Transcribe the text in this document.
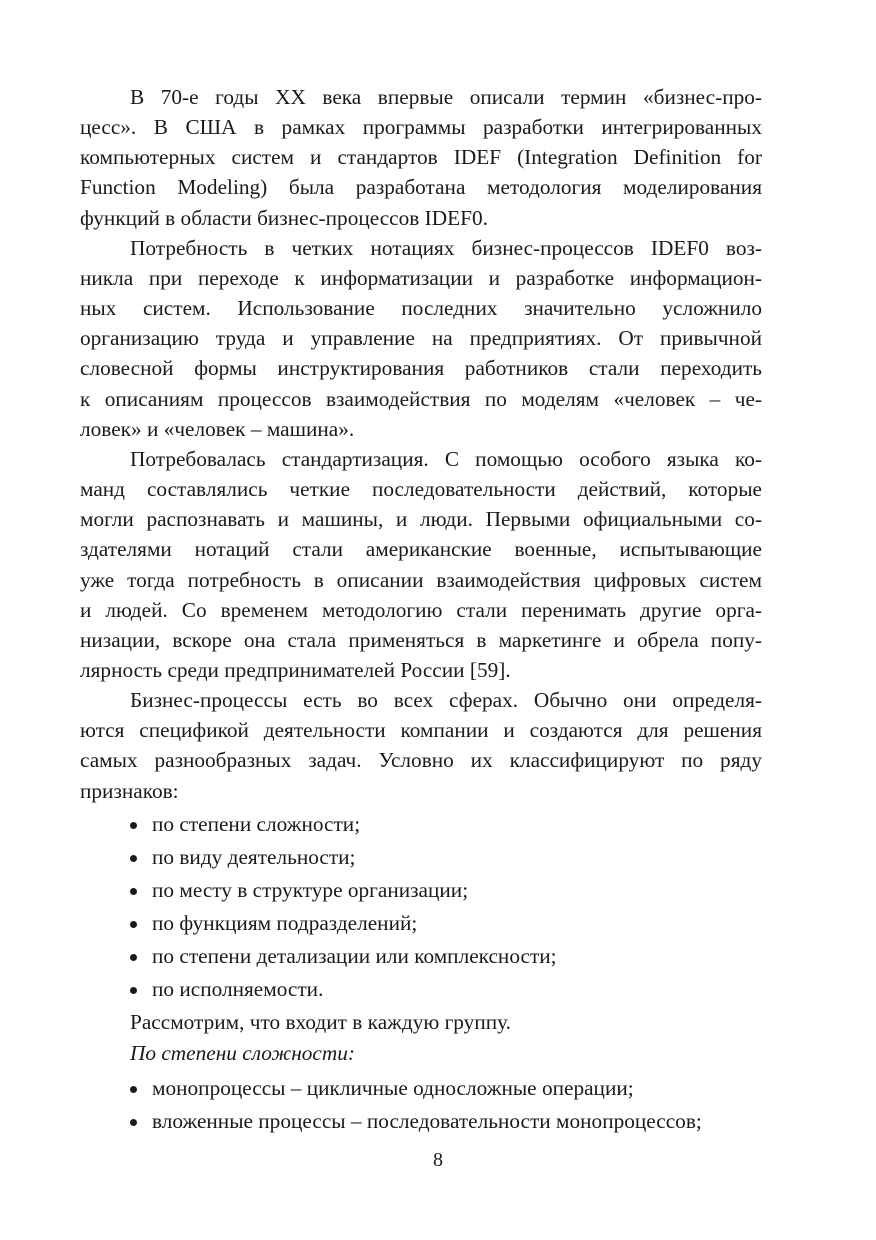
В 70-е годы XX века впервые описали термин «бизнес-про-
цесс». В США в рамках программы разработки интегрированных
компьютерных систем и стандартов IDEF (Integration Definition for
Function Modeling) была разработана методология моделирования
функций в области бизнес-процессов IDEF0.
Потребность в четких нотациях бизнес-процессов IDEF0 воз-
никла при переходе к информатизации и разработке информацион-
ных систем. Использование последних значительно усложнило
организацию труда и управление на предприятиях. От привычной
словесной формы инструктирования работников стали переходить
к описаниям процессов взаимодействия по моделям «человек – че-
ловек» и «человек – машина».
Потребовалась стандартизация. С помощью особого языка ко-
манд составлялись четкие последовательности действий, которые
могли распознавать и машины, и люди. Первыми официальными со-
здателями нотаций стали американские военные, испытывающие
уже тогда потребность в описании взаимодействия цифровых систем
и людей. Со временем методологию стали перенимать другие орга-
низации, вскоре она стала применяться в маркетинге и обрела попу-
лярность среди предпринимателей России [59].
Бизнес-процессы есть во всех сферах. Обычно они определя-
ются спецификой деятельности компании и создаются для решения
самых разнообразных задач. Условно их классифицируют по ряду
признаков:
по степени сложности;
по виду деятельности;
по месту в структуре организации;
по функциям подразделений;
по степени детализации или комплексности;
по исполняемости.
Рассмотрим, что входит в каждую группу.
По степени сложности:
монопроцессы – цикличные односложные операции;
вложенные процессы – последовательности монопроцессов;
8
